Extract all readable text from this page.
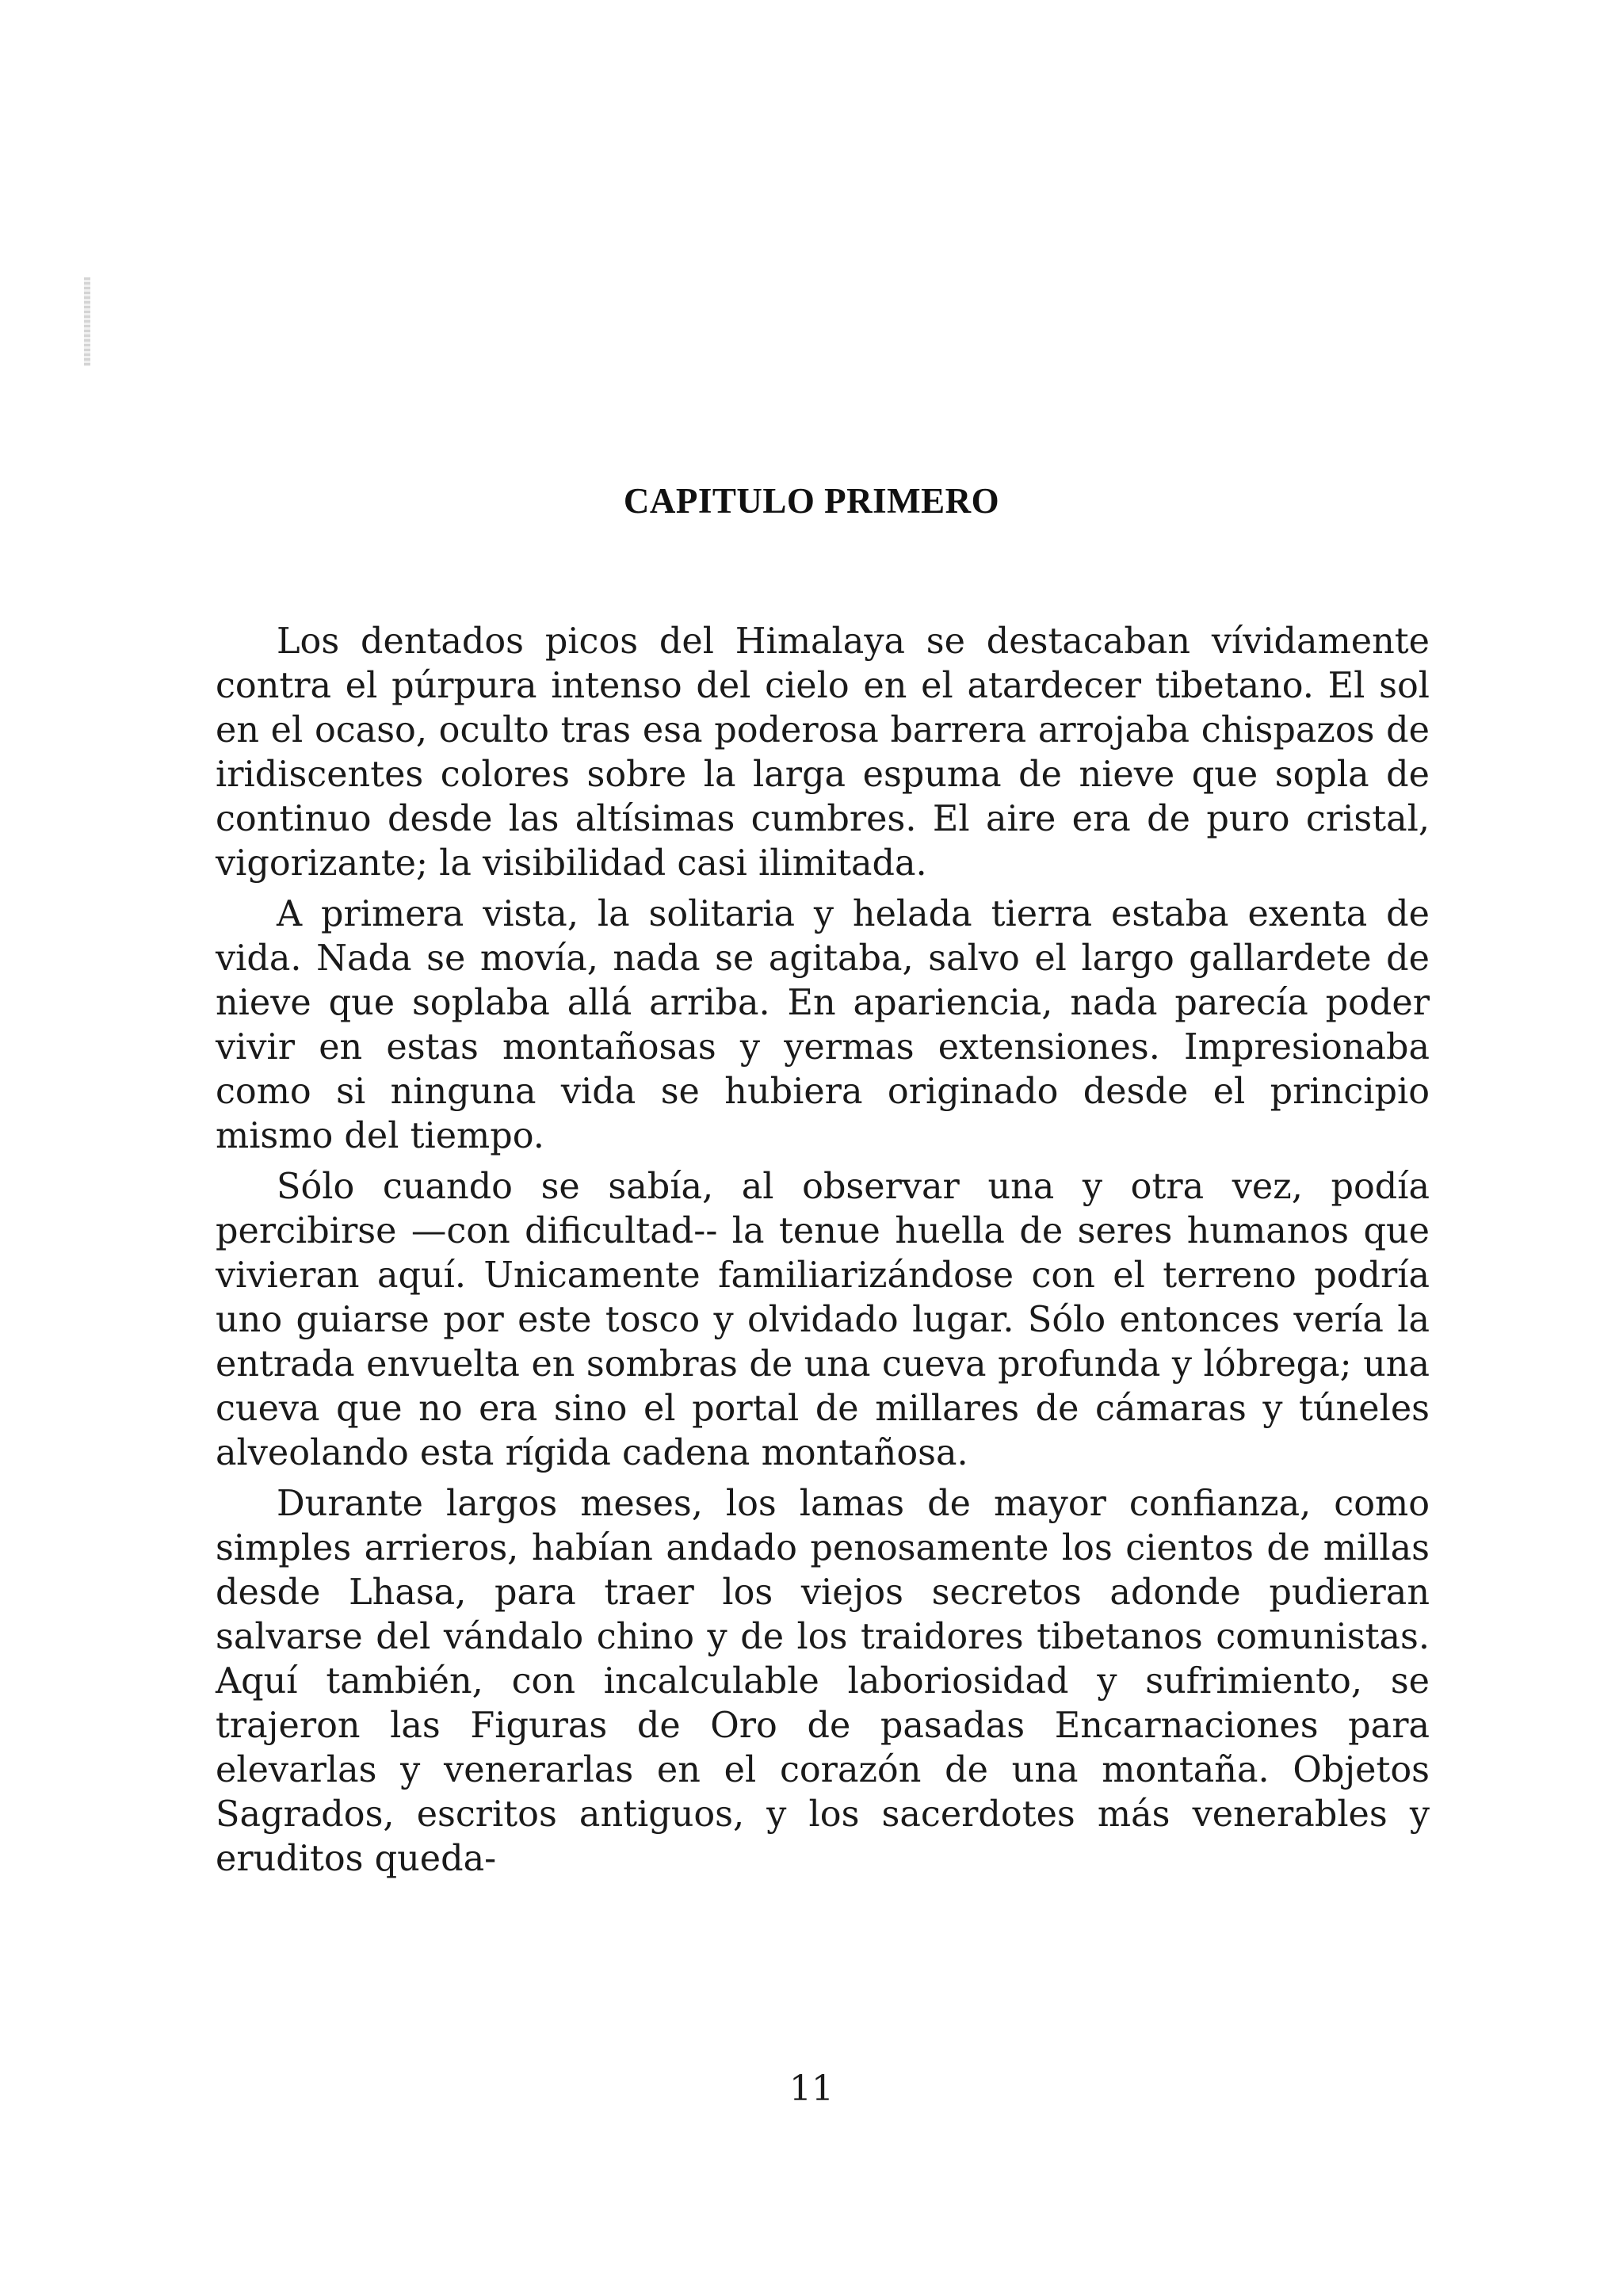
CAPITULO PRIMERO

Los dentados picos del Himalaya se destacaban vívidamente contra el púrpura intenso del cielo en el atardecer tibetano. El sol en el ocaso, oculto tras esa poderosa barrera arrojaba chispazos de iridiscentes colores sobre la larga espuma de nieve que sopla de continuo desde las altísimas cumbres. El aire era de puro cristal, vigorizante; la visibilidad casi ilimitada.

A primera vista, la solitaria y helada tierra estaba exenta de vida. Nada se movía, nada se agitaba, salvo el largo gallardete de nieve que soplaba allá arriba. En apariencia, nada parecía poder vivir en estas montañosas y yermas extensiones. Impresionaba como si ninguna vida se hubiera originado desde el principio mismo del tiempo.

Sólo cuando se sabía, al observar una y otra vez, podía percibirse —con dificultad-- la tenue huella de seres humanos que vivieran aquí. Unicamente familiarizándose con el terreno podría uno guiarse por este tosco y olvidado lugar. Sólo entonces vería la entrada envuelta en sombras de una cueva profunda y lóbrega; una cueva que no era sino el portal de millares de cámaras y túneles alveolando esta rígida cadena montañosa.

Durante largos meses, los lamas de mayor confianza, como simples arrieros, habían andado penosamente los cientos de millas desde Lhasa, para traer los viejos secretos adonde pudieran salvarse del vándalo chino y de los traidores tibetanos comunistas. Aquí también, con incalculable laboriosidad y sufrimiento, se trajeron las Figuras de Oro de pasadas Encarnaciones para elevarlas y venerarlas en el corazón de una montaña. Objetos Sagrados, escritos antiguos, y los sacerdotes más venerables y eruditos queda-

11
